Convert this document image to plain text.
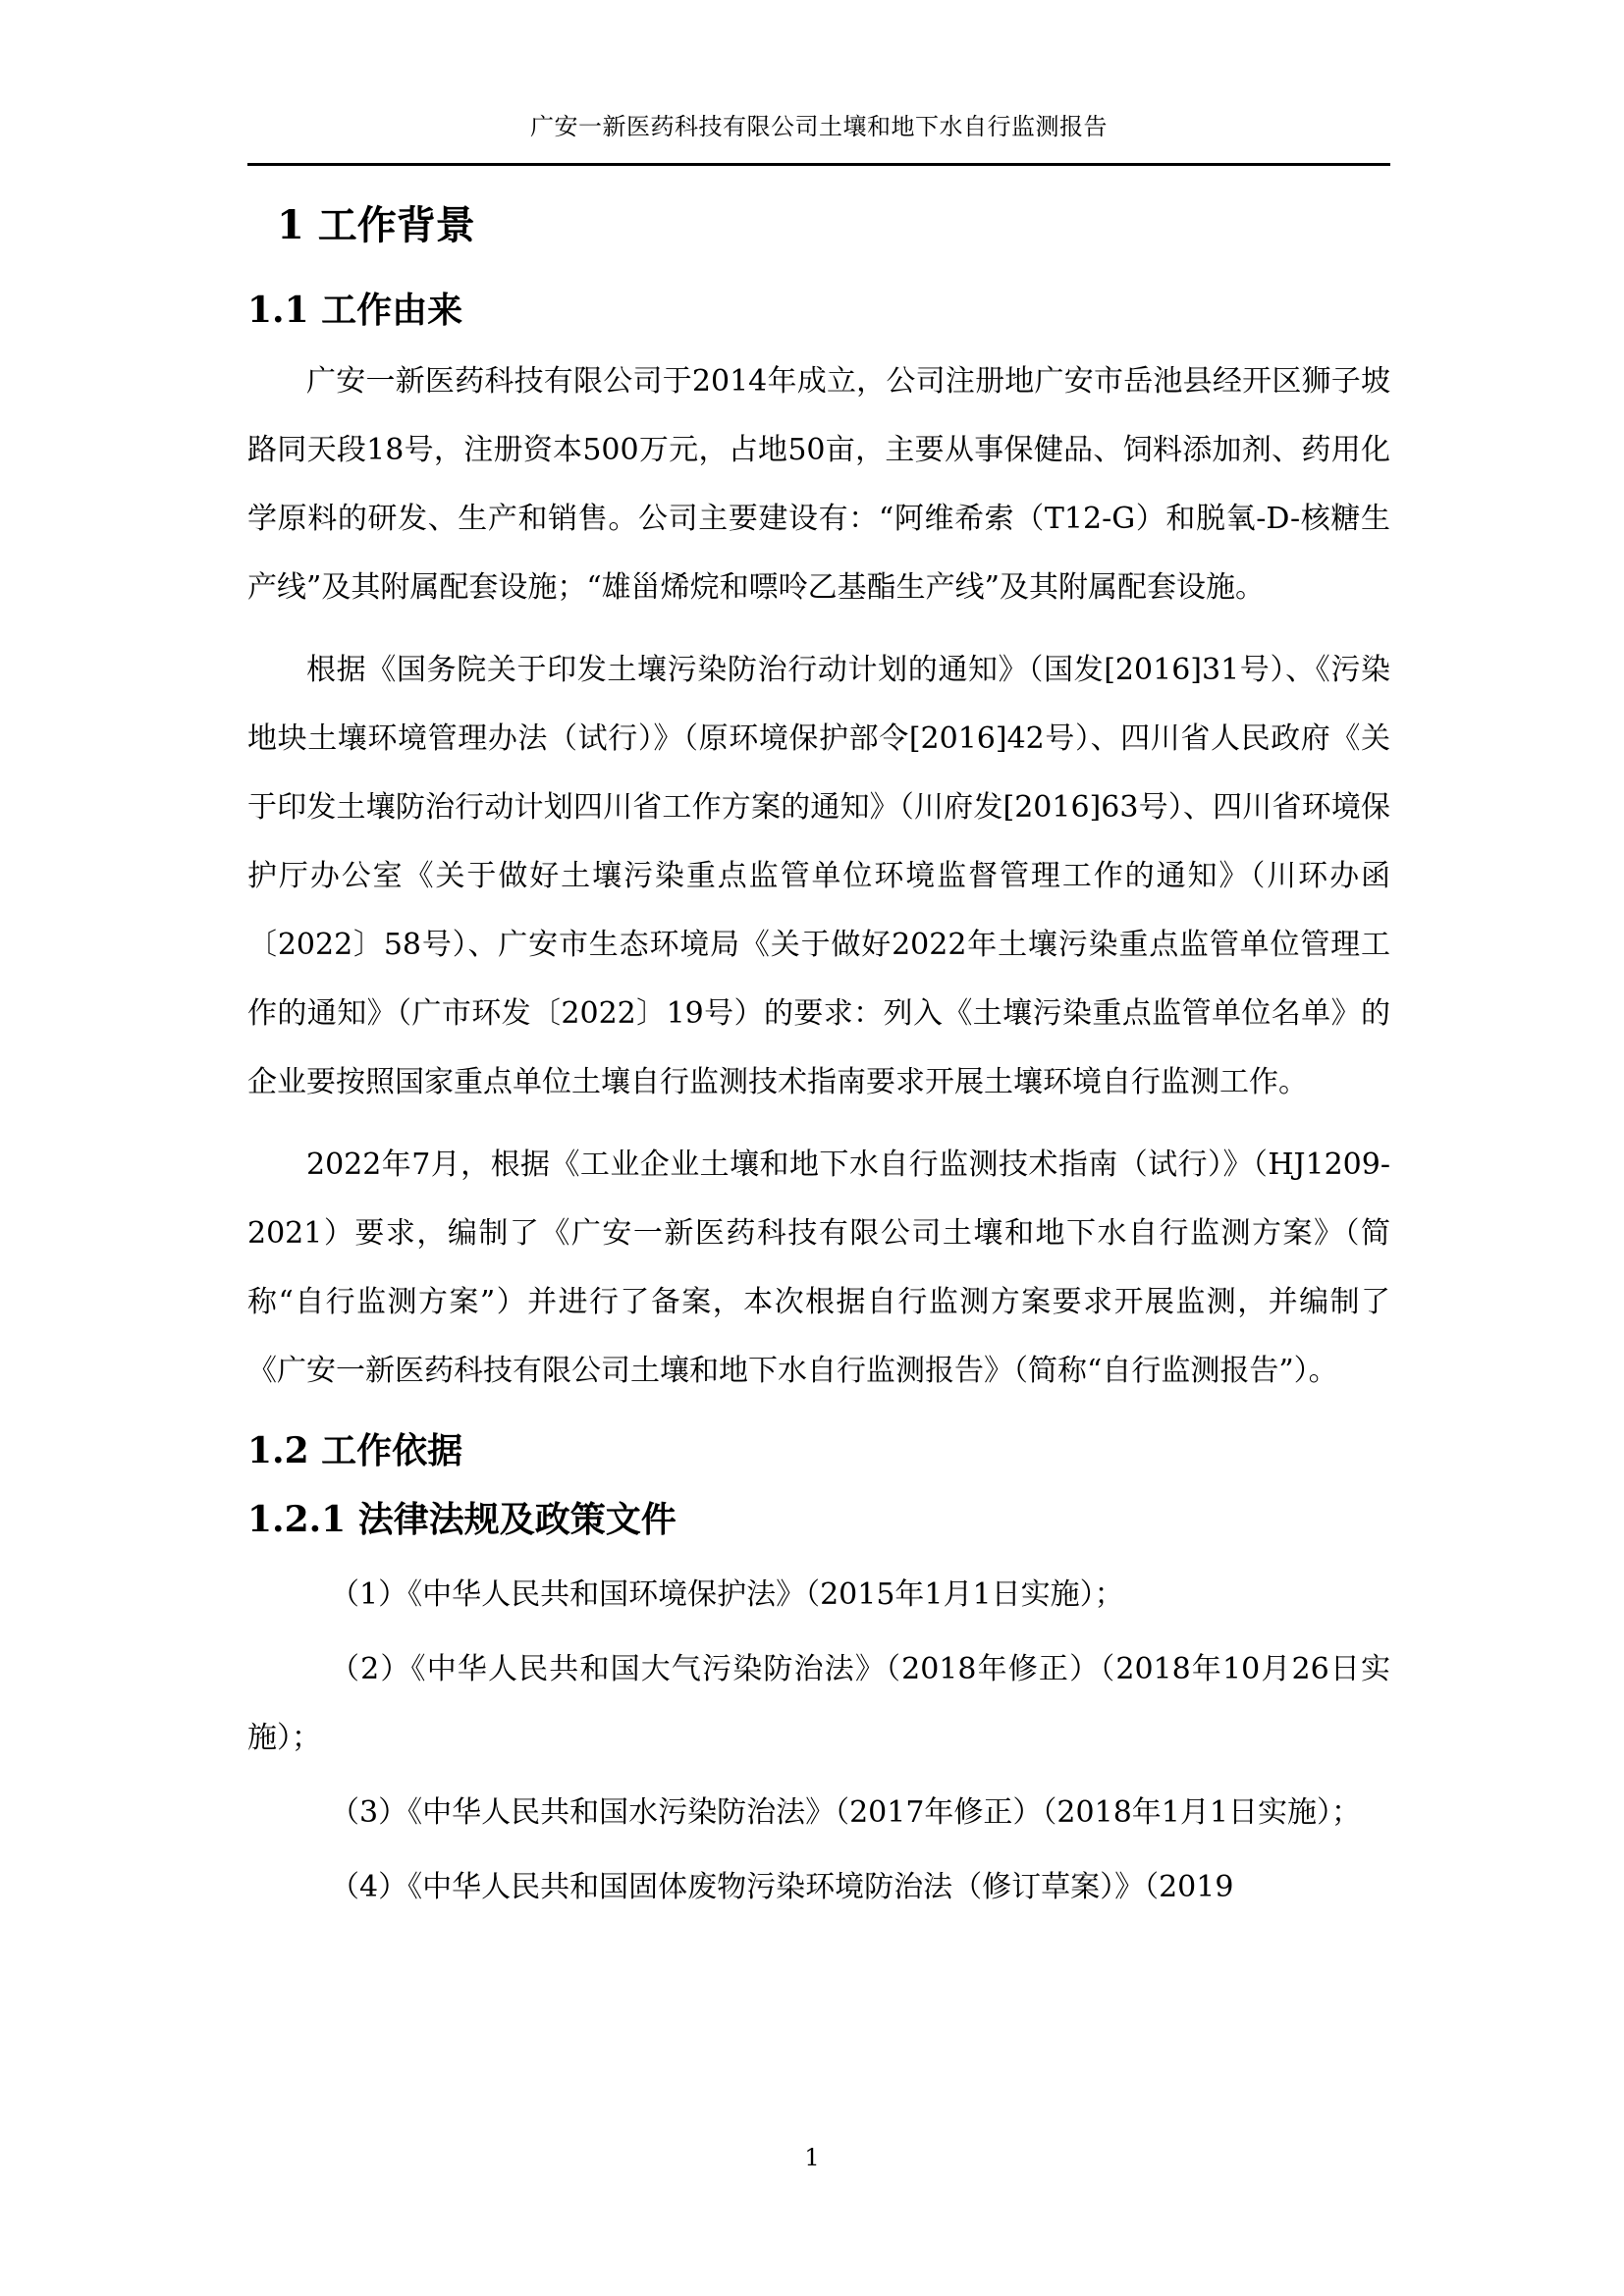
广安一新医药科技有限公司土壤和地下水自行监测报告
1 工作背景
1.1 工作由来

广安一新医药科技有限公司于2014年成立，公司注册地广安市岳池县经开区狮子坡路同天段18号，注册资本500万元，占地50亩，主要从事保健品、饲料添加剂、药用化学原料的研发、生产和销售。公司主要建设有：“阿维希索（T12-G）和脱氧-D-核糖生产线”及其附属配套设施；“雄甾烯烷和嘌呤乙基酯生产线”及其附属配套设施。

根据《国务院关于印发土壤污染防治行动计划的通知》（国发[2016]31号）、《污染地块土壤环境管理办法（试行）》（原环境保护部令[2016]42号）、四川省人民政府《关于印发土壤防治行动计划四川省工作方案的通知》（川府发[2016]63号）、四川省环境保护厅办公室《关于做好土壤污染重点监管单位环境监督管理工作的通知》（川环办函〔2022〕58号）、广安市生态环境局《关于做好2022年土壤污染重点监管单位管理工作的通知》（广市环发〔2022〕19号）的要求：列入《土壤污染重点监管单位名单》的企业要按照国家重点单位土壤自行监测技术指南要求开展土壤环境自行监测工作。

2022年7月，根据《工业企业土壤和地下水自行监测技术指南（试行）》（HJ1209-2021）要求，编制了《广安一新医药科技有限公司土壤和地下水自行监测方案》（简称“自行监测方案”）并进行了备案，本次根据自行监测方案要求开展监测，并编制了《广安一新医药科技有限公司土壤和地下水自行监测报告》（简称“自行监测报告”）。

1.2 工作依据
1.2.1 法律法规及政策文件

（1）《中华人民共和国环境保护法》（2015年1月1日实施）；

（2）《中华人民共和国大气污染防治法》（2018年修正）（2018年10月26日实施）；

（3）《中华人民共和国水污染防治法》（2017年修正）（2018年1月1日实施）；

（4）《中华人民共和国固体废物污染环境防治法（修订草案）》（2019

1
